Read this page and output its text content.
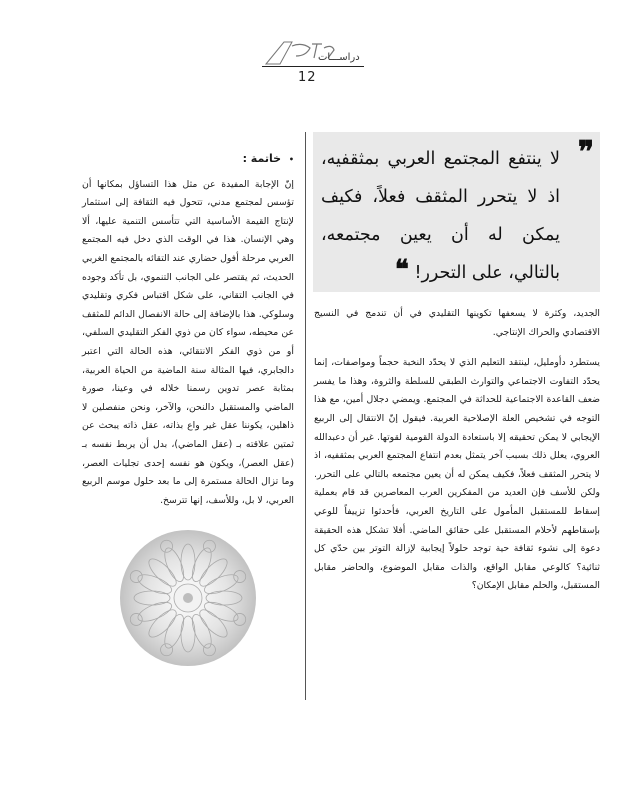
دراســـات
12
❞
لا ينتفع المجتمع العربي بمثقفيه، اذ لا يتحرر المثقف فعلاً، فكيف يمكن له أن يعين مجتمعه، بالتالي، على التحرر! ❝

الجديد، وكثرة لا يسعفها تكوينها التقليدي في أن تندمج في النسيج الاقتصادي والحراك الإنتاجي.

يستطرد دأومليل، لينتقد التعليم الذي لا يحدّد النخبة حجماً ومواصفات، إنما يحدّد التفاوت الاجتماعي والتوارث الطبقي للسلطة والثروة، وهذا ما يفسر ضعف القاعدة الاجتماعية للحداثة في المجتمع. ويمضي دجلال أمين، مع هذا التوجه في تشخيص العلة الإصلاحية العربية. فيقول إنّ الانتقال إلى الربيع الإيجابي لا يمكن تحقيقه إلا باستعادة الدولة القومية لقوتها. غير أن دعبدالله العروي، يعلل ذلك بسبب آخر يتمثل بعدم انتفاع المجتمع العربي بمثقفيه، اذ لا يتحرر المثقف فعلاً، فكيف يمكن له أن يعين مجتمعه بالتالي على التحرر. ولكن للأسف فإن العديد من المفكرين العرب المعاصرين قد قام بعملية إسقاط للمستقبل المأمول على التاريخ العربي، فأحدثوا تزييفاً للوعي بإسقاطهم لأحلام المستقبل على حقائق الماضي. أفلا تشكل هذه الحقيقة دعوة إلى نشوء ثقافة حية توجد حلولاً إيجابية لإزالة التوتر بين حدّي كل ثنائية؟ كالوعي مقابل الواقع، والذات مقابل الموضوع، والحاضر مقابل المستقبل، والحلم مقابل الإمكان؟

• خاتمة :

إنّ الإجابة المفيدة عن مثل هذا التساؤل بمكانها أن تؤسس لمجتمع مدني، تتحول فيه الثقافة إلى استثمار لإنتاج القيمة الأساسية التي تتأسس التنمية عليها، ألا وهي الإنسان. هذا في الوقت الذي دخل فيه المجتمع العربي مرحلة أفول حضاري عند التقائه بالمجتمع الغربي الحديث، ثم يقتصر على الجانب التنموي، بل تأكد وجوده في الجانب التقاني، على شكل اقتباس فكري وتقليدي وسلوكي. هذا بالإضافة إلى حالة الانفصال الدائم للمثقف عن محيطه، سواء كان من ذوي الفكر التقليدي السلفي، أو من ذوي الفكر الانتقائي، هذه الحالة التي اعتبر دالجابري، فيها المثالة سنة الماضية من الحياة العربية، بمثابة عصر تدوين رسمنا خلاله في وعينا، صورة الماضي والمستقبل دالنحن، والآخر، ونحن منفصلين لا ذاهلين، يكوننا عقل غير واع بذاته، عقل ذاته يبحث عن ثمتين علاقته بـ (عقل الماضي)، بدل أن يربط نفسه بـ (عقل العصر)، ويكون هو نفسه إحدى تجليات العصر، وما تزال الحالة مستمرة إلى ما بعد حلول موسم الربيع العربي، لا بل، وللأسف، إنها تترسخ.
